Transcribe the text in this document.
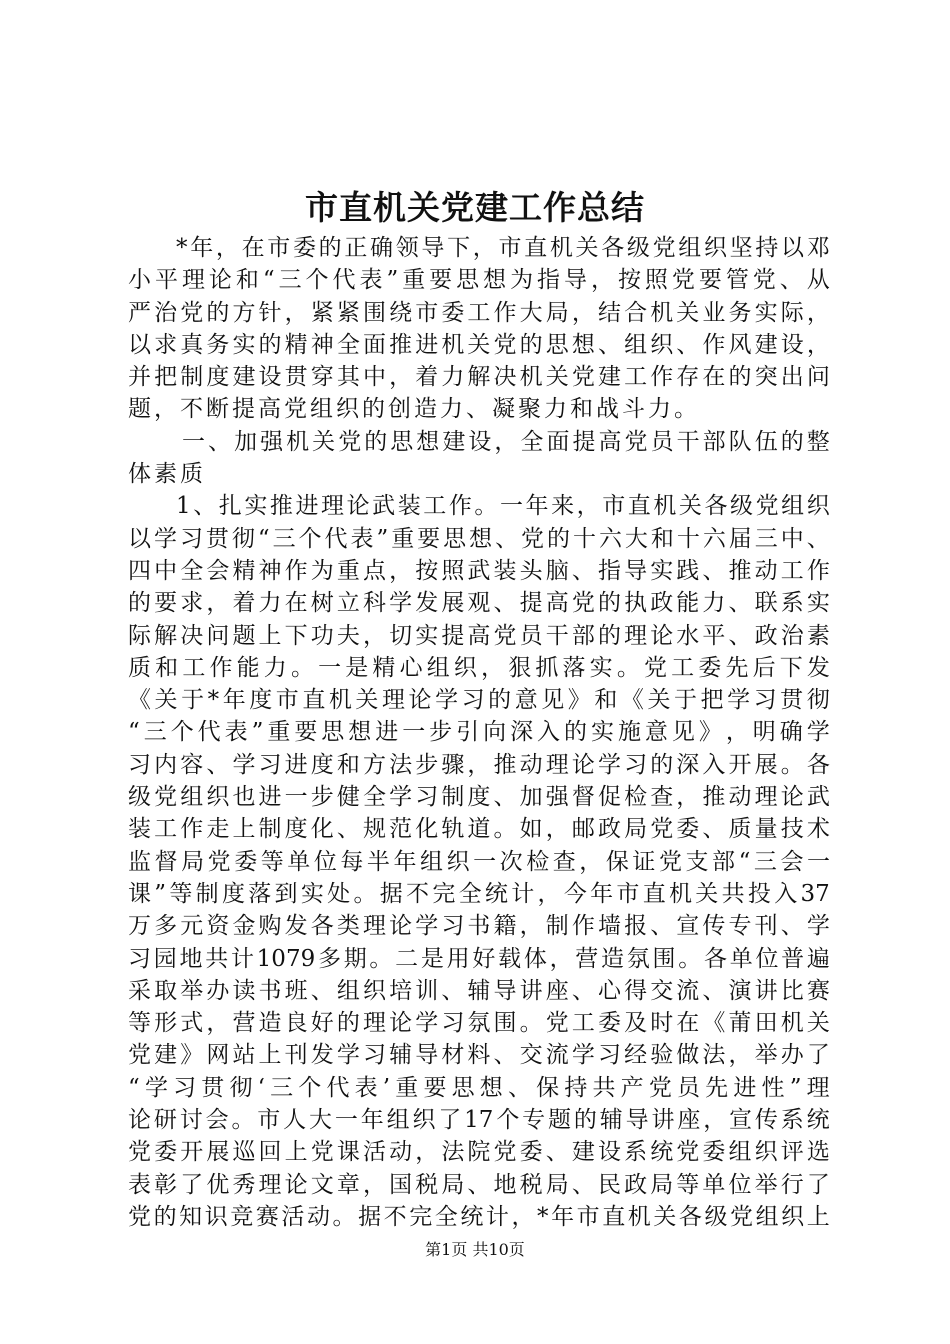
市直机关党建工作总结
* 年 ， 在 市 委 的 正 确 领 导 下 ， 市 直 机 关 各 级 党 组 织 坚 持 以 邓
小 平 理 论 和 “ 三 个 代 表 ” 重 要 思 想 为 指 导 ， 按 照 党 要 管 党 、 从
严 治 党 的 方 针 ， 紧 紧 围 绕 市 委 工 作 大 局 ， 结 合 机 关 业 务 实 际 ，
以 求 真 务 实 的 精 神 全 面 推 进 机 关 党 的 思 想 、 组 织 、 作 风 建 设 ，
并 把 制 度 建 设 贯 穿 其 中 ， 着 力 解 决 机 关 党 建 工 作 存 在 的 突 出 问
题 ， 不 断 提 高 党 组 织 的 创 造 力 、 凝 聚 力 和 战 斗 力 。
一 、 加 强 机 关 党 的 思 想 建 设 ， 全 面 提 高 党 员 干 部 队 伍 的 整
体 素 质
1 、 扎 实 推 进 理 论 武 装 工 作 。 一 年 来 ， 市 直 机 关 各 级 党 组 织
以 学 习 贯 彻 “ 三 个 代 表 ” 重 要 思 想 、 党 的 十 六 大 和 十 六 届 三 中 、
四 中 全 会 精 神 作 为 重 点 ， 按 照 武 装 头 脑 、 指 导 实 践 、 推 动 工 作
的 要 求 ， 着 力 在 树 立 科 学 发 展 观 、 提 高 党 的 执 政 能 力 、 联 系 实
际 解 决 问 题 上 下 功 夫 ， 切 实 提 高 党 员 干 部 的 理 论 水 平 、 政 治 素
质 和 工 作 能 力 。 一 是 精 心 组 织 ， 狠 抓 落 实 。 党 工 委 先 后 下 发
《 关 于 * 年 度 市 直 机 关 理 论 学 习 的 意 见 》 和 《 关 于 把 学 习 贯 彻
“ 三 个 代 表 ” 重 要 思 想 进 一 步 引 向 深 入 的 实 施 意 见 》 ， 明 确 学
习 内 容 、 学 习 进 度 和 方 法 步 骤 ， 推 动 理 论 学 习 的 深 入 开 展 。 各
级 党 组 织 也 进 一 步 健 全 学 习 制 度 、 加 强 督 促 检 查 ， 推 动 理 论 武
装 工 作 走 上 制 度 化 、 规 范 化 轨 道 。 如 ， 邮 政 局 党 委 、 质 量 技 术
监 督 局 党 委 等 单 位 每 半 年 组 织 一 次 检 查 ， 保 证 党 支 部 “ 三 会 一
课 ” 等 制 度 落 到 实 处 。 据 不 完 全 统 计 ， 今 年 市 直 机 关 共 投 入 37
万 多 元 资 金 购 发 各 类 理 论 学 习 书 籍 ， 制 作 墙 报 、 宣 传 专 刊 、 学
习 园 地 共 计 1079 多 期 。 二 是 用 好 载 体 ， 营 造 氛 围 。 各 单 位 普 遍
采 取 举 办 读 书 班 、 组 织 培 训 、 辅 导 讲 座 、 心 得 交 流 、 演 讲 比 赛
等 形 式 ， 营 造 良 好 的 理 论 学 习 氛 围 。 党 工 委 及 时 在 《 莆 田 机 关
党 建 》 网 站 上 刊 发 学 习 辅 导 材 料 、 交 流 学 习 经 验 做 法 ， 举 办 了
“ 学 习 贯 彻 ‘ 三 个 代 表 ’ 重 要 思 想 、 保 持 共 产 党 员 先 进 性 ” 理
论 研 讨 会 。 市 人 大 一 年 组 织 了 17 个 专 题 的 辅 导 讲 座 ， 宣 传 系 统
党 委 开 展 巡 回 上 党 课 活 动 ， 法 院 党 委 、 建 设 系 统 党 委 组 织 评 选
表 彰 了 优 秀 理 论 文 章 ， 国 税 局 、 地 税 局 、 民 政 局 等 单 位 举 行 了
党 的 知 识 竞 赛 活 动 。 据 不 完 全 统 计 ， * 年 市 直 机 关 各 级 党 组 织 上
第1页 共10页
